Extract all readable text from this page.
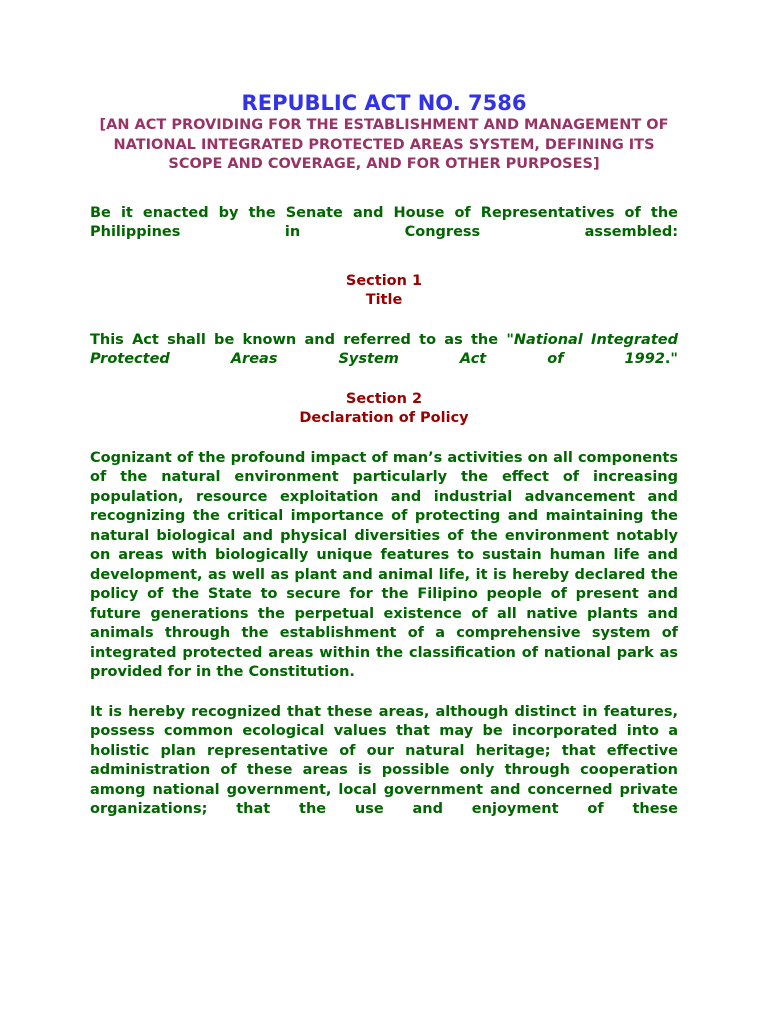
REPUBLIC ACT NO. 7586

[AN ACT PROVIDING FOR THE ESTABLISHMENT AND MANAGEMENT OF NATIONAL INTEGRATED PROTECTED AREAS SYSTEM, DEFINING ITS SCOPE AND COVERAGE, AND FOR OTHER PURPOSES]

Be it enacted by the Senate and House of Representatives of the Philippines in Congress assembled:

Section 1

Title

This Act shall be known and referred to as the "National Integrated Protected Areas System Act of 1992."

Section 2

Declaration of Policy

Cognizant of the profound impact of man’s activities on all components of the natural environment particularly the effect of increasing population, resource exploitation and industrial advancement and recognizing the critical importance of protecting and maintaining the natural biological and physical diversities of the environment notably on areas with biologically unique features to sustain human life and development, as well as plant and animal life, it is hereby declared the policy of the State to secure for the Filipino people of present and future generations the perpetual existence of all native plants and animals through the establishment of a comprehensive system of integrated protected areas within the classification of national park as provided for in the Constitution.

It is hereby recognized that these areas, although distinct in features, possess common ecological values that may be incorporated into a holistic plan representative of our natural heritage; that effective administration of these areas is possible only through cooperation among national government, local government and concerned private organizations; that the use and enjoyment of these
